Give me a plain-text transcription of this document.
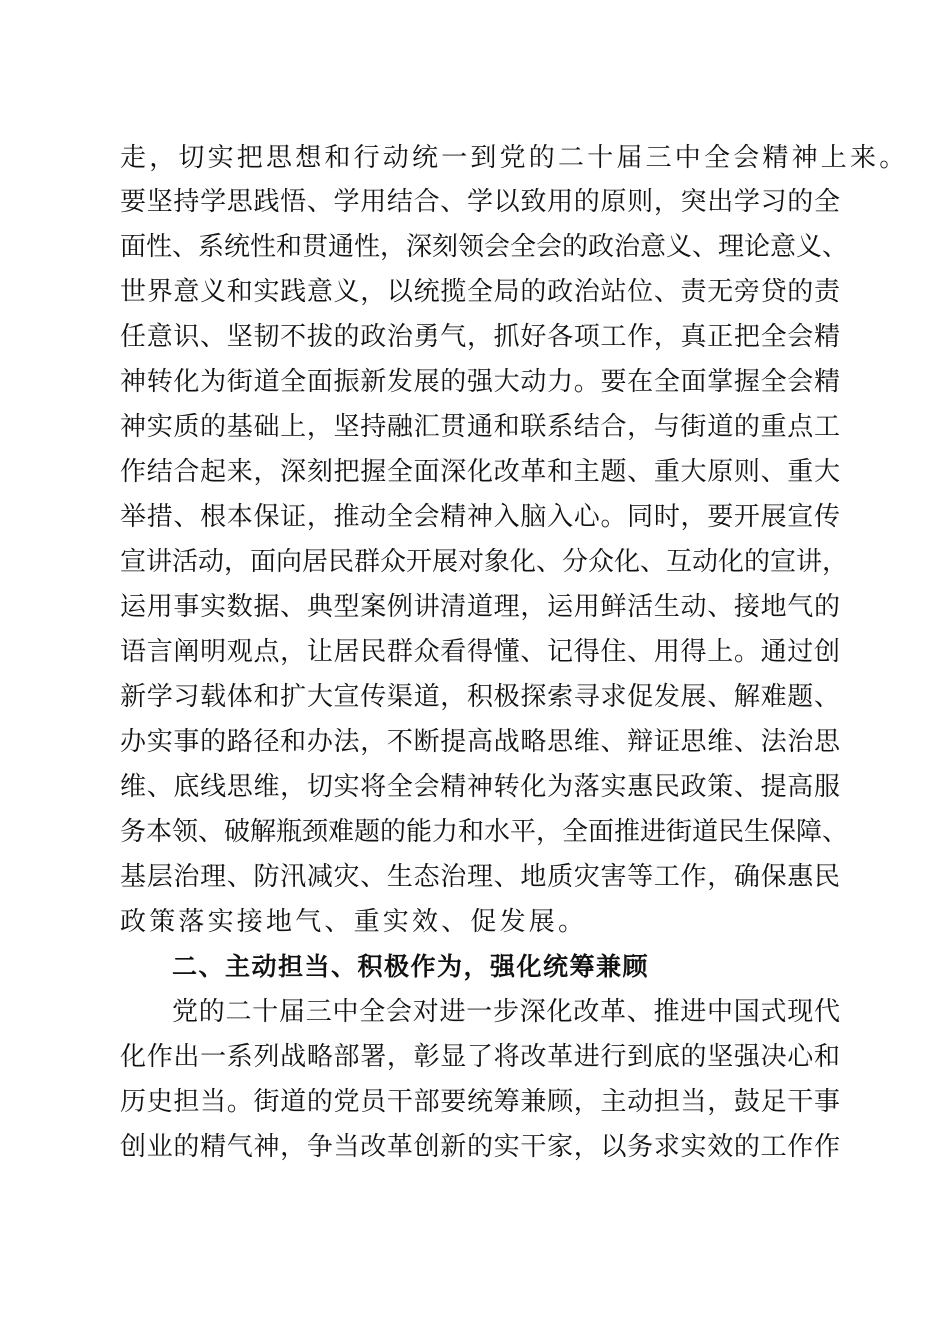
走，切实把思想和行动统一到党的二十届三中全会精神上来。
要坚持学思践悟、学用结合、学以致用的原则，突出学习的全
面性、系统性和贯通性，深刻领会全会的政治意义、理论意义、
世界意义和实践意义，以统揽全局的政治站位、责无旁贷的责
任意识、坚韧不拔的政治勇气，抓好各项工作，真正把全会精
神转化为街道全面振新发展的强大动力。要在全面掌握全会精
神实质的基础上，坚持融汇贯通和联系结合，与街道的重点工
作结合起来，深刻把握全面深化改革和主题、重大原则、重大
举措、根本保证，推动全会精神入脑入心。同时，要开展宣传
宣讲活动，面向居民群众开展对象化、分众化、互动化的宣讲，
运用事实数据、典型案例讲清道理，运用鲜活生动、接地气的
语言阐明观点，让居民群众看得懂、记得住、用得上。通过创
新学习载体和扩大宣传渠道，积极探索寻求促发展、解难题、
办实事的路径和办法，不断提高战略思维、辩证思维、法治思
维、底线思维，切实将全会精神转化为落实惠民政策、提高服
务本领、破解瓶颈难题的能力和水平，全面推进街道民生保障、
基层治理、防汛减灾、生态治理、地质灾害等工作，确保惠民
政策落实接地气、重实效、促发展。
二、主动担当、积极作为，强化统筹兼顾
党的二十届三中全会对进一步深化改革、推进中国式现代
化作出一系列战略部署，彰显了将改革进行到底的坚强决心和
历史担当。街道的党员干部要统筹兼顾，主动担当，鼓足干事
创业的精气神，争当改革创新的实干家，以务求实效的工作作
